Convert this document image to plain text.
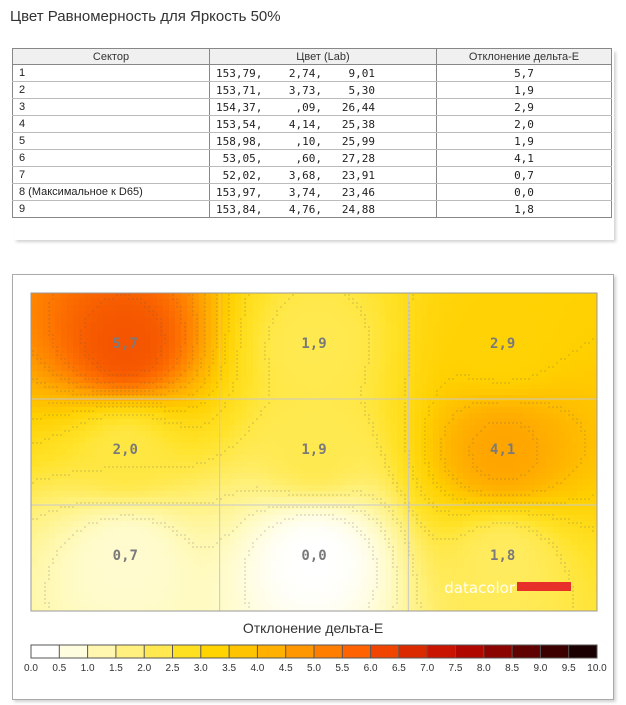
Цвет Равномерность для Яркость 50%
Сектор	Цвет (Lab)	Отклонение дельта-E
1	153,79,    2,74,    9,01	5,7
2	153,71,    3,73,    5,30	1,9
3	154,37,     ,09,   26,44	2,9
4	153,54,    4,14,   25,38	2,0
5	158,98,     ,10,   25,99	1,9
6	53,05,     ,60,   27,28	4,1
7	52,02,    3,68,   23,91	0,7
8 (Максимальное к D65)	153,97,    3,74,   23,46	0,0
9	153,84,    4,76,   24,88	1,8
5,7	1,9	2,9
2,0	1,9	4,1
0,7	0,0	1,8
datacolor
Отклонение дельта-E
0.0 0.5 1.0 1.5 2.0 2.5 3.0 3.5 4.0 4.5 5.0 5.5 6.0 6.5 7.0 7.5 8.0 8.5 9.0 9.5 10.0
